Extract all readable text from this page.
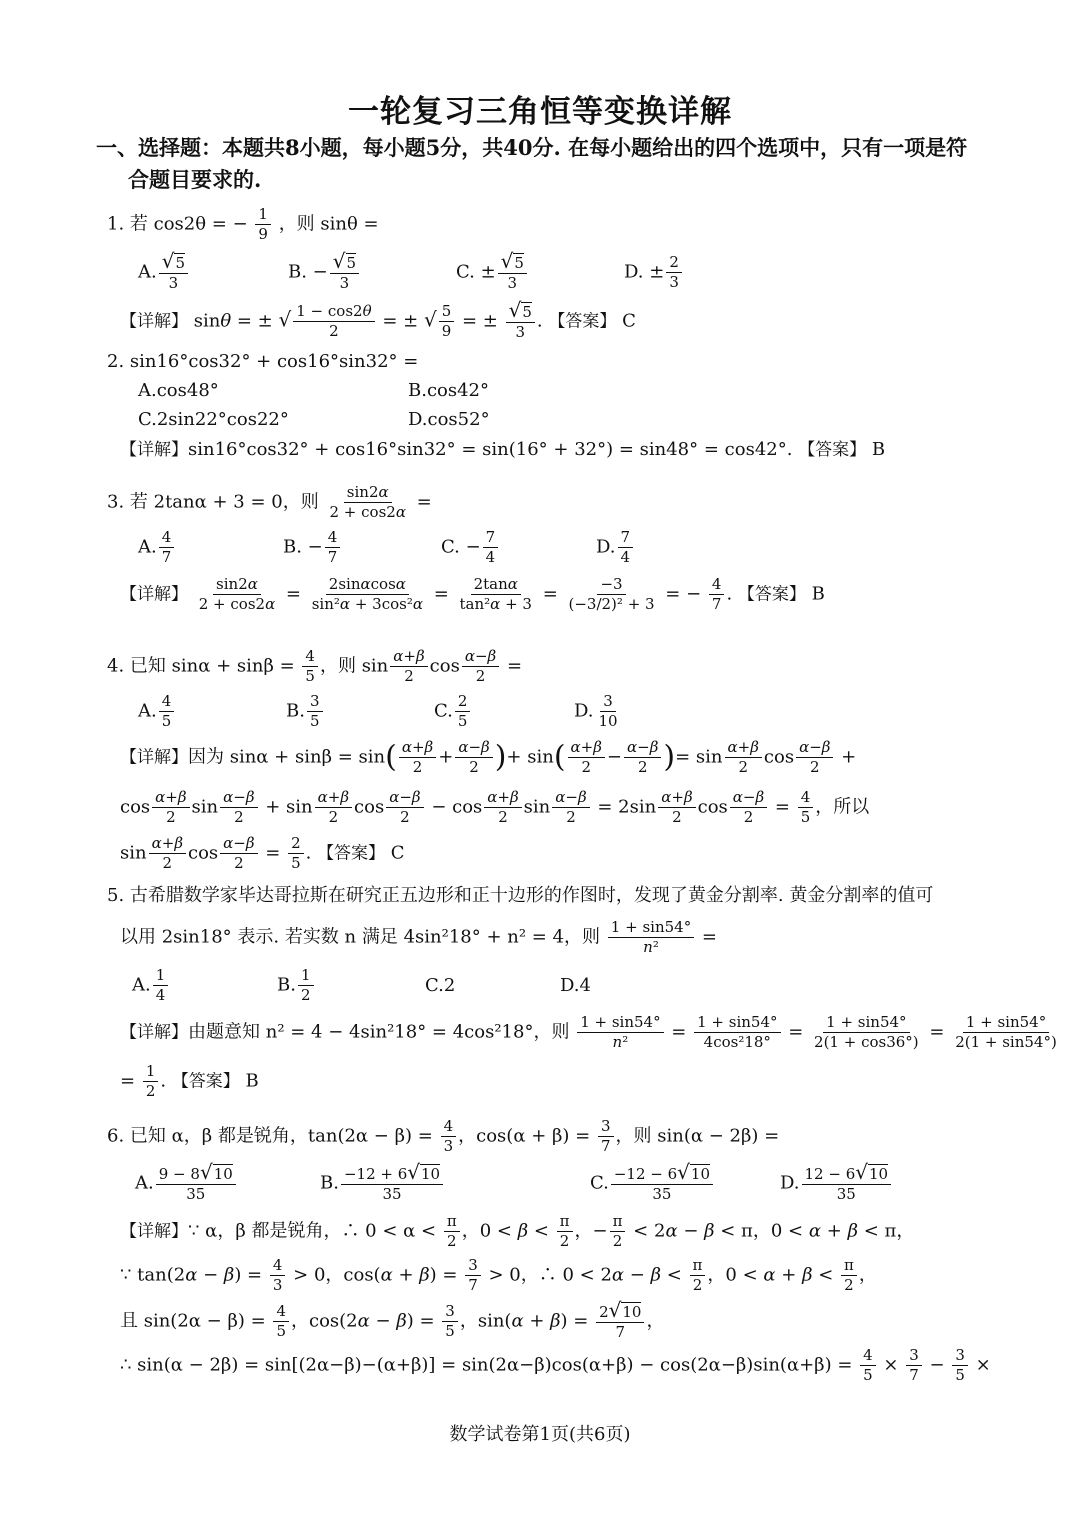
一轮复习三角恒等变换详解
一、选择题：本题共8小题，每小题5分，共40分. 在每小题给出的四个选项中，只有一项是符
合题目要求的.
1. 若 cos2θ = − $\frac{1}{9}$ ，则 sinθ =
A. $\frac{√5}{3}$	B. − $\frac{√5}{3}$	C. ± $\frac{√5}{3}$	D. ± $\frac{2}{3}$
【详解】 sinθ = ± √ $\frac{1 - \cos 2\theta}{2}$ = ± √ $\frac{5}{9}$ = ± $\frac{√5}{3}$ . 【答案】 C
2. sin16°cos32° + cos16°sin32° =
A.cos48°	B.cos42°
C.2sin22°cos22°	D.cos52°
【详解】sin16°cos32° + cos16°sin32° = sin(16° + 32°) = sin48° = cos42°. 【答案】 B
3. 若 2tanα + 3 = 0，则 $\frac{\sin 2\alpha}{2 + \cos 2\alpha}$ =
A. $\frac{4}{7}$	B. − $\frac{4}{7}$	C. − $\frac{7}{4}$	D. $\frac{7}{4}$
【详解】 $\frac{\sin 2\alpha}{2 + \cos 2\alpha} = \frac{2\sin\alpha\cos\alpha}{\text{sin²α + 3cos²α}} = \frac{2\tan\alpha}{\text{tan²α + 3}} = \frac{-3}{\text{(−3/2)² + 3}}$ = − $\frac{4}{7}$ . 【答案】 B
4. 已知 $\sin\alpha + \sin\beta = \frac{4}{5}$ ，则 $\sin \frac{\alpha+\beta}{2}$ $\cos \frac{\alpha-\beta}{2}$ =
A. $\frac{4}{5}$	B. $\frac{3}{5}$	C. $\frac{2}{5}$	D. $\frac{3}{10}$
【详解】因为 $\sin\alpha + \sin\beta = \sin( \frac{\alpha+\beta}{2} + \frac{\alpha-\beta}{2}$ )+ $\sin( \frac{\alpha+\beta}{2} - \frac{\alpha-\beta}{2}$ )= $\sin \frac{\alpha+\beta}{2}$ $\cos \frac{\alpha-\beta}{2}$ +
$\cos \frac{\alpha+\beta}{2}$ $\sin \frac{\alpha-\beta}{2} + \sin \frac{\alpha+\beta}{2}$ $\cos \frac{\alpha-\beta}{2} - \cos \frac{\alpha+\beta}{2}$ $\sin \frac{\alpha-\beta}{2} = 2\sin \frac{\alpha+\beta}{2}$ $\cos \frac{\alpha-\beta}{2} = \frac{4}{5}$ ，所以
$\sin \frac{\alpha+\beta}{2}$ $\cos \frac{\alpha-\beta}{2} = \frac{2}{5}$ . 【答案】 C
5. 古希腊数学家毕达哥拉斯在研究正五边形和正十边形的作图时，发现了黄金分割率. 黄金分割率的值可
以用 2sin18° 表示. 若实数 n 满足 4sin²18° + n² = 4，则 $\frac{1 + \sin 54^\circ}{\text{n²}}$ =
A. $\frac{1}{4}$	B. $\frac{1}{2}$	C.2	D.4
【详解】由题意知 n² = 4 − 4sin²18° = 4cos²18°，则 $\frac{1 + \sin 54^\circ}{\text{n²}} = \frac{1 + \sin 54^\circ}{\text{4cos²18°}} = \frac{1 + \sin 54^\circ}{2(1 + \cos 36^\circ)} = \frac{1 + \sin 54^\circ}{2(1 + \sin 54^\circ)}$
= $\frac{1}{2}$ . 【答案】 B
6. 已知 α，β 都是锐角，$\tan(2\alpha - \beta) = \frac{4}{3}$ ，$\cos(\alpha + \beta) = \frac{3}{7}$ ，则 sin(α − 2β) =
A. $\frac{9 - 8√10}{35}$	B. $\frac{-12 + 6√10}{35}$	C. $\frac{-12 - 6√10}{35}$	D. $\frac{12 - 6√10}{35}$
【详解】∵ α，β 都是锐角，∴ $0 < \alpha < \frac{\pi}{2}$ ，$0 < \beta < \frac{\pi}{2}$ ，− $\frac{\pi}{2} < 2\alpha - \beta < \pi$，0 < α + β < π，
∵ $\tan(2\alpha - \beta) = \frac{4}{3} > 0$，$\cos(\alpha + \beta) = \frac{3}{7} > 0$，∴ $0 < 2\alpha - \beta < \frac{\pi}{2}$ ，$0 < \alpha + \beta < \frac{\pi}{2}$ ，
且 $\sin(2\alpha - \beta) = \frac{4}{5}$ ，$\cos(2\alpha - \beta) = \frac{3}{5}$ ，$\sin(\alpha + \beta) = \frac{2√10}{7}$ ，
∴ $\sin(\alpha - 2\beta) = \sin[(2\alpha-\beta)-(\alpha+\beta)] = \sin(2\alpha-\beta)\cos(\alpha+\beta) - \cos(2\alpha-\beta)\sin(\alpha+\beta) = \frac{4}{5} \times \frac{3}{7} - \frac{3}{5}$ ×
数学试卷第1页(共6页)
